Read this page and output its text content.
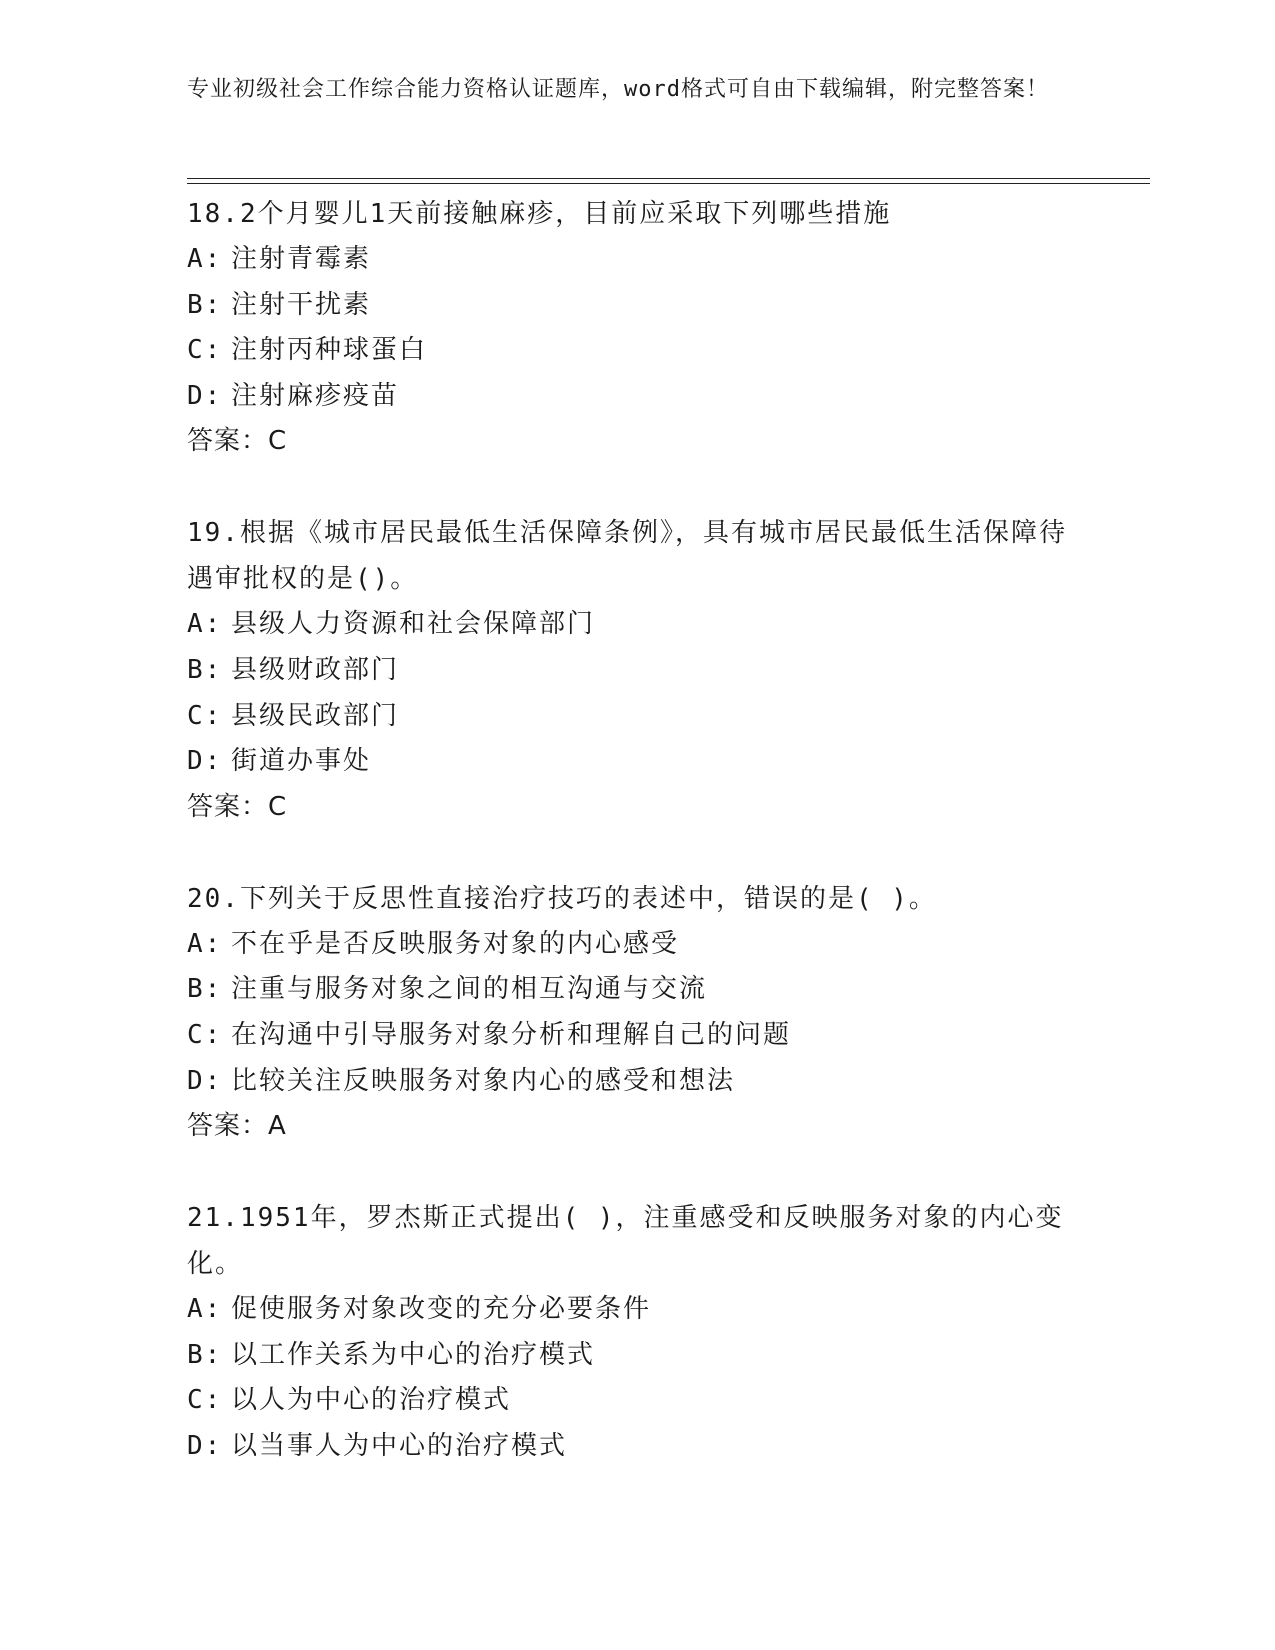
专业初级社会工作综合能力资格认证题库，word格式可自由下载编辑，附完整答案！

18.2个月婴儿1天前接触麻疹，目前应采取下列哪些措施

A: 注射青霉素

B: 注射干扰素

C: 注射丙种球蛋白

D: 注射麻疹疫苗

答案：C

19.根据《城市居民最低生活保障条例》，具有城市居民最低生活保障待遇审批权的是()。

A: 县级人力资源和社会保障部门

B: 县级财政部门

C: 县级民政部门

D: 街道办事处

答案：C

20.下列关于反思性直接治疗技巧的表述中，错误的是( )。

A: 不在乎是否反映服务对象的内心感受

B: 注重与服务对象之间的相互沟通与交流

C: 在沟通中引导服务对象分析和理解自己的问题

D: 比较关注反映服务对象内心的感受和想法

答案：A

21.1951年，罗杰斯正式提出( )，注重感受和反映服务对象的内心变化。

A: 促使服务对象改变的充分必要条件

B: 以工作关系为中心的治疗模式

C: 以人为中心的治疗模式

D: 以当事人为中心的治疗模式
